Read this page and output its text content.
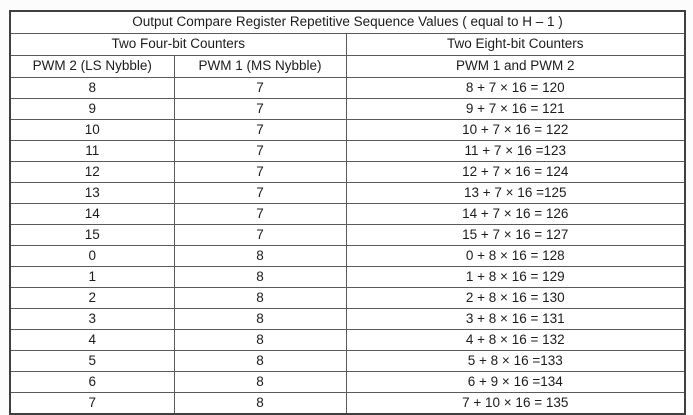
Output Compare Register Repetitive Sequence Values ( equal to H – 1 )		
Two Four-bit Counters		Two Eight-bit Counters
PWM 2 (LS Nybble)	PWM 1 (MS Nybble)	PWM 1 and PWM 2
8	7	8 + 7 × 16 = 120
9	7	9 + 7 × 16 = 121
10	7	10 + 7 × 16 = 122
11	7	11 + 7 × 16 =123
12	7	12 + 7 × 16 = 124
13	7	13 + 7 × 16 =125
14	7	14 + 7 × 16 = 126
15	7	15 + 7 × 16 = 127
0	8	0 + 8 × 16 = 128
1	8	1 + 8 × 16 = 129
2	8	2 + 8 × 16 = 130
3	8	3 + 8 × 16 = 131
4	8	4 + 8 × 16 = 132
5	8	5 + 8 × 16 =133
6	8	6 + 9 × 16 =134
7	8	7 + 10 × 16 = 135
